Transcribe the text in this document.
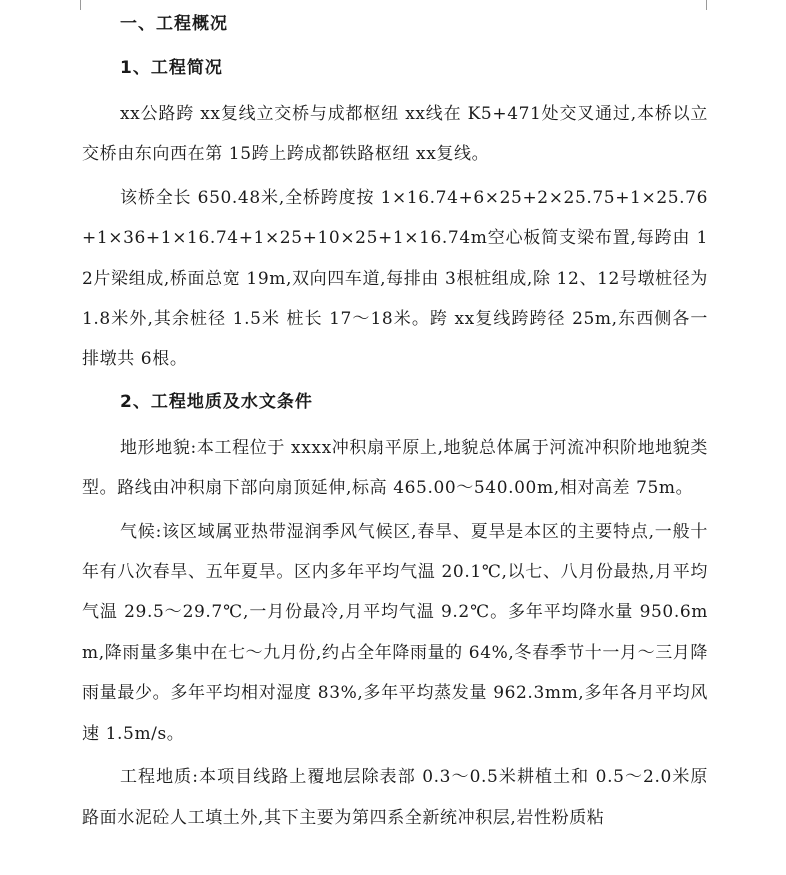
一、工程概况
1、工程简况

xx公路跨 xx复线立交桥与成都枢纽 xx线在 K5+471处交叉通过,本桥以立交桥由东向西在第 15跨上跨成都铁路枢纽 xx复线。

该桥全长 650.48米,全桥跨度按 1×16.74+6×25+2×25.75+1×25.76+1×36+1×16.74+1×25+10×25+1×16.74m空心板简支梁布置,每跨由 12片梁组成,桥面总宽 19m,双向四车道,每排由 3根桩组成,除 12、12号墩桩径为 1.8米外,其余桩径 1.5米 桩长 17～18米。跨 xx复线跨跨径 25m,东西侧各一排墩共 6根。

2、工程地质及水文条件

地形地貌:本工程位于 xxxx冲积扇平原上,地貌总体属于河流冲积阶地地貌类型。路线由冲积扇下部向扇顶延伸,标高 465.00～540.00m,相对高差 75m。

气候:该区域属亚热带湿润季风气候区,春旱、夏旱是本区的主要特点,一般十年有八次春旱、五年夏旱。区内多年平均气温 20.1℃,以七、八月份最热,月平均气温 29.5～29.7℃,一月份最冷,月平均气温 9.2℃。多年平均降水量 950.6mm,降雨量多集中在七～九月份,约占全年降雨量的 64%,冬春季节十一月～三月降雨量最少。多年平均相对湿度 83%,多年平均蒸发量 962.3mm,多年各月平均风速 1.5m/s。

工程地质:本项目线路上覆地层除表部 0.3～0.5米耕植土和 0.5～2.0米原路面水泥砼人工填土外,其下主要为第四系全新统冲积层,岩性粉质粘
